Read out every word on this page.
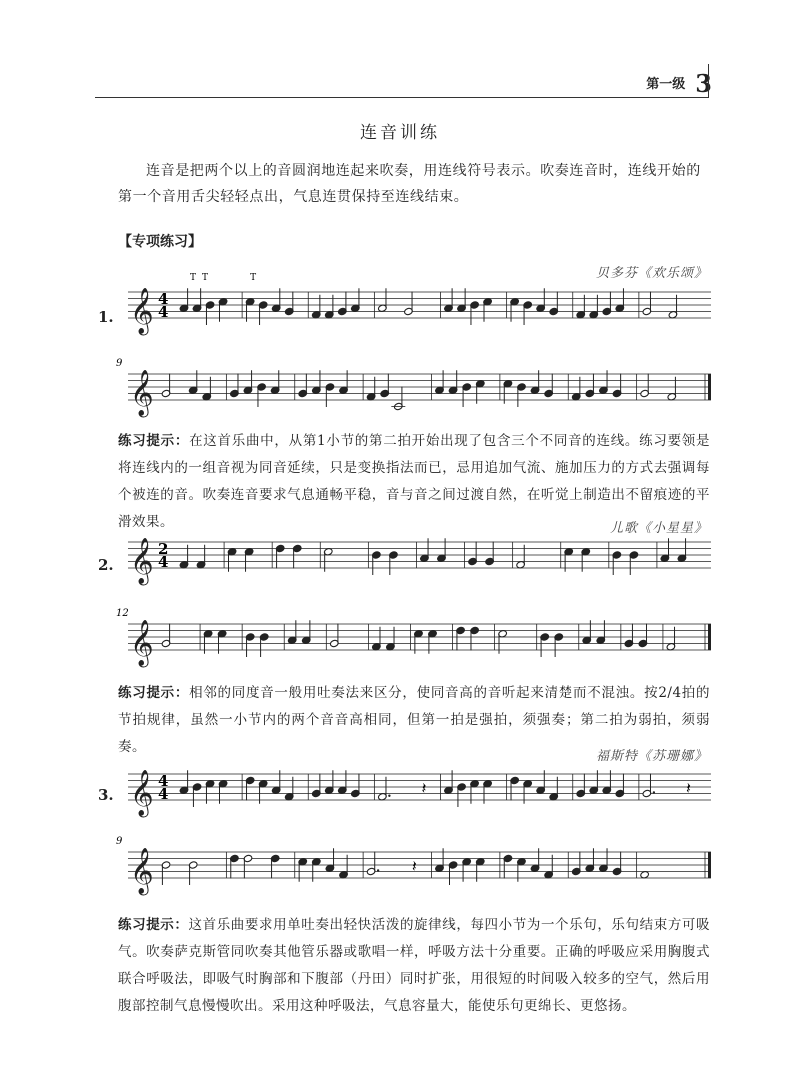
第一级 3
连音训练
连音是把两个以上的音圆润地连起来吹奏，用连线符号表示。吹奏连音时，连线开始的第一个音用舌尖轻轻点出，气息连贯保持至连线结束。
【专项练习】
贝多芬《欢乐颂》
1. 𝄞 4
4
T T	T
𝄞
9
练习提示：在这首乐曲中，从第1小节的第二拍开始出现了包含三个不同音的连线。练习要领是将连线内的一组音视为同音延续，只是变换指法而已，忌用追加气流、施加压力的方式去强调每个被连的音。吹奏连音要求气息通畅平稳，音与音之间过渡自然，在听觉上制造出不留痕迹的平滑效果。	儿歌《小星星》
2. 𝄞 2
4
𝄞
12
练习提示：相邻的同度音一般用吐奏法来区分，使同音高的音听起来清楚而不混浊。按2/4拍的节拍规律，虽然一小节内的两个音音高相同，但第一拍是强拍，须强奏；第二拍为弱拍，须弱奏。
福斯特《苏珊娜》
3. 𝄞 4
4	𝄽	𝄽
𝄞
9
𝄽
练习提示：这首乐曲要求用单吐奏出轻快活泼的旋律线，每四小节为一个乐句，乐句结束方可吸气。吹奏萨克斯管同吹奏其他管乐器或歌唱一样，呼吸方法十分重要。正确的呼吸应采用胸腹式联合呼吸法，即吸气时胸部和下腹部（丹田）同时扩张，用很短的时间吸入较多的空气，然后用腹部控制气息慢慢吹出。采用这种呼吸法，气息容量大，能使乐句更绵长、更悠扬。
